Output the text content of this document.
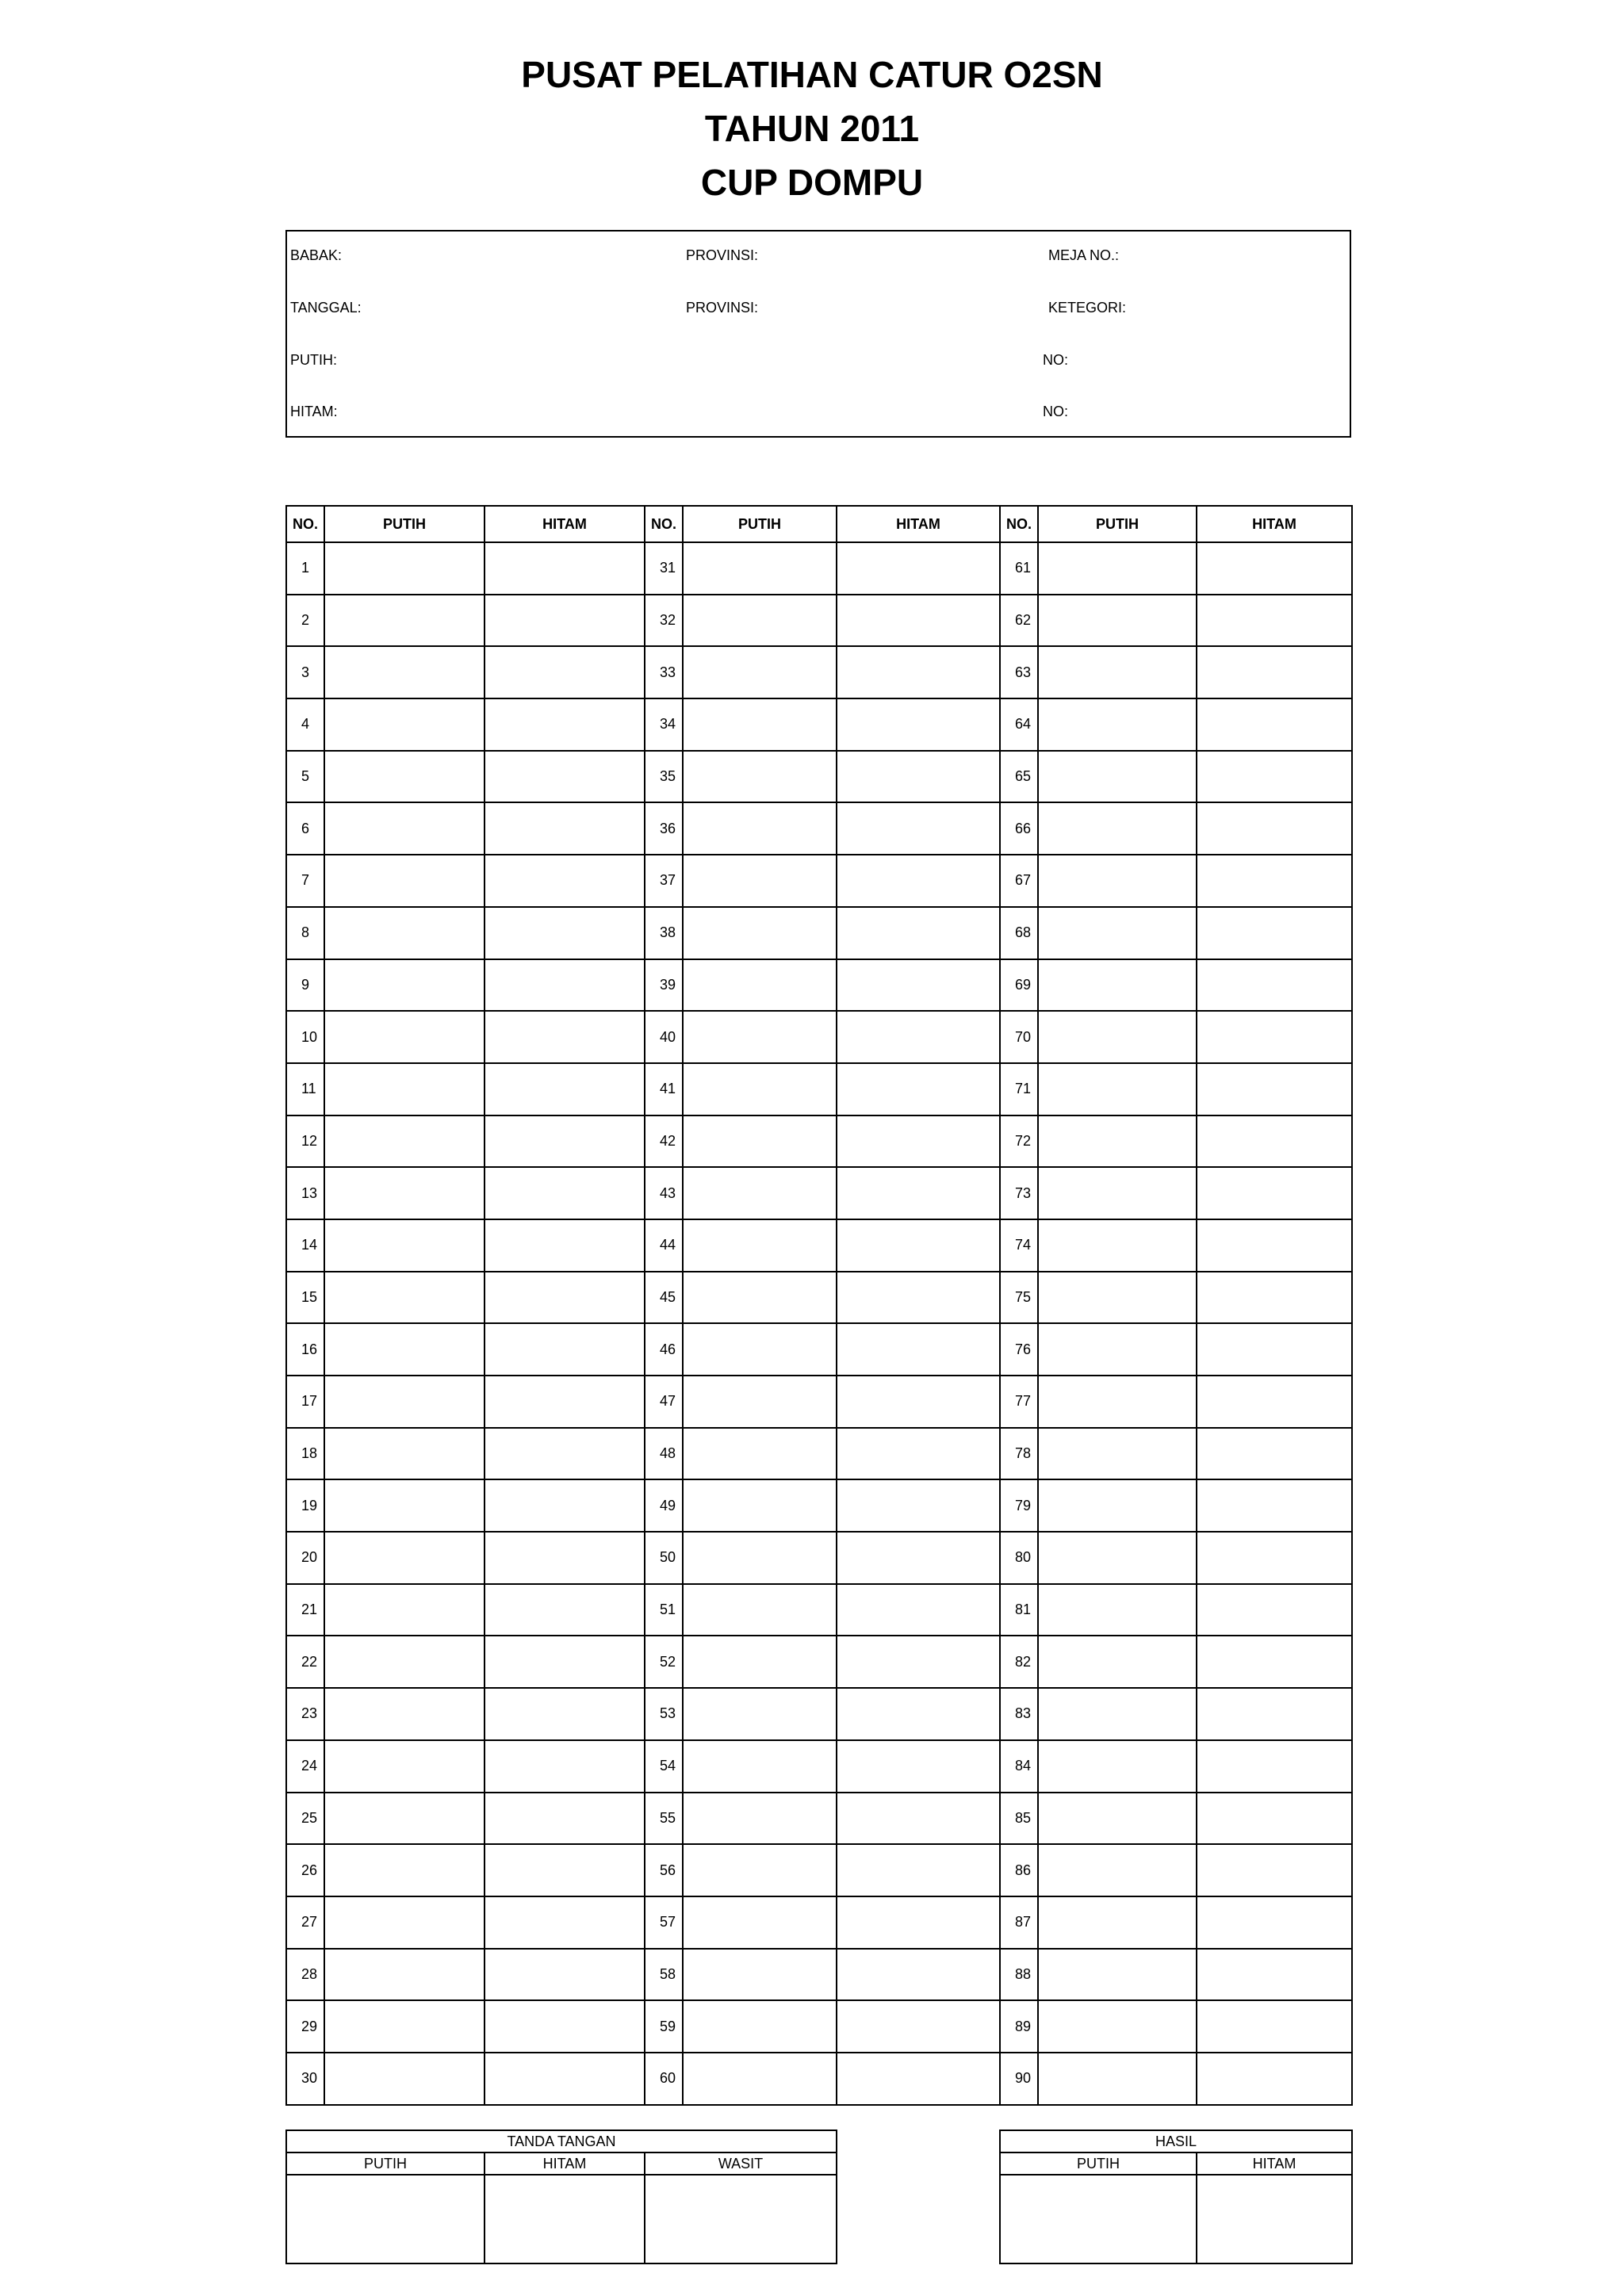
PUSAT PELATIHAN CATUR O2SN
TAHUN 2011
CUP DOMPU
BABAK:	PROVINSI:	MEJA NO.:
TANGGAL:	PROVINSI:	KETEGORI:
PUTIH:	NO:
HITAM:	NO:
NO.	PUTIH	HITAM	NO.	PUTIH	HITAM	NO.	PUTIH	HITAM
1			31			61		
2			32			62		
3			33			63		
4			34			64		
5			35			65		
6			36			66		
7			37			67		
8			38			68		
9			39			69		
10			40			70		
11			41			71		
12			42			72		
13			43			73		
14			44			74		
15			45			75		
16			46			76		
17			47			77		
18			48			78		
19			49			79		
20			50			80		
21			51			81		
22			52			82		
23			53			83		
24			54			84		
25			55			85		
26			56			86		
27			57			87		
28			58			88		
29			59			89		
30			60			90		
TANDA TANGAN		
PUTIH	HITAM	WASIT

HASIL	
PUTIH	HITAM
